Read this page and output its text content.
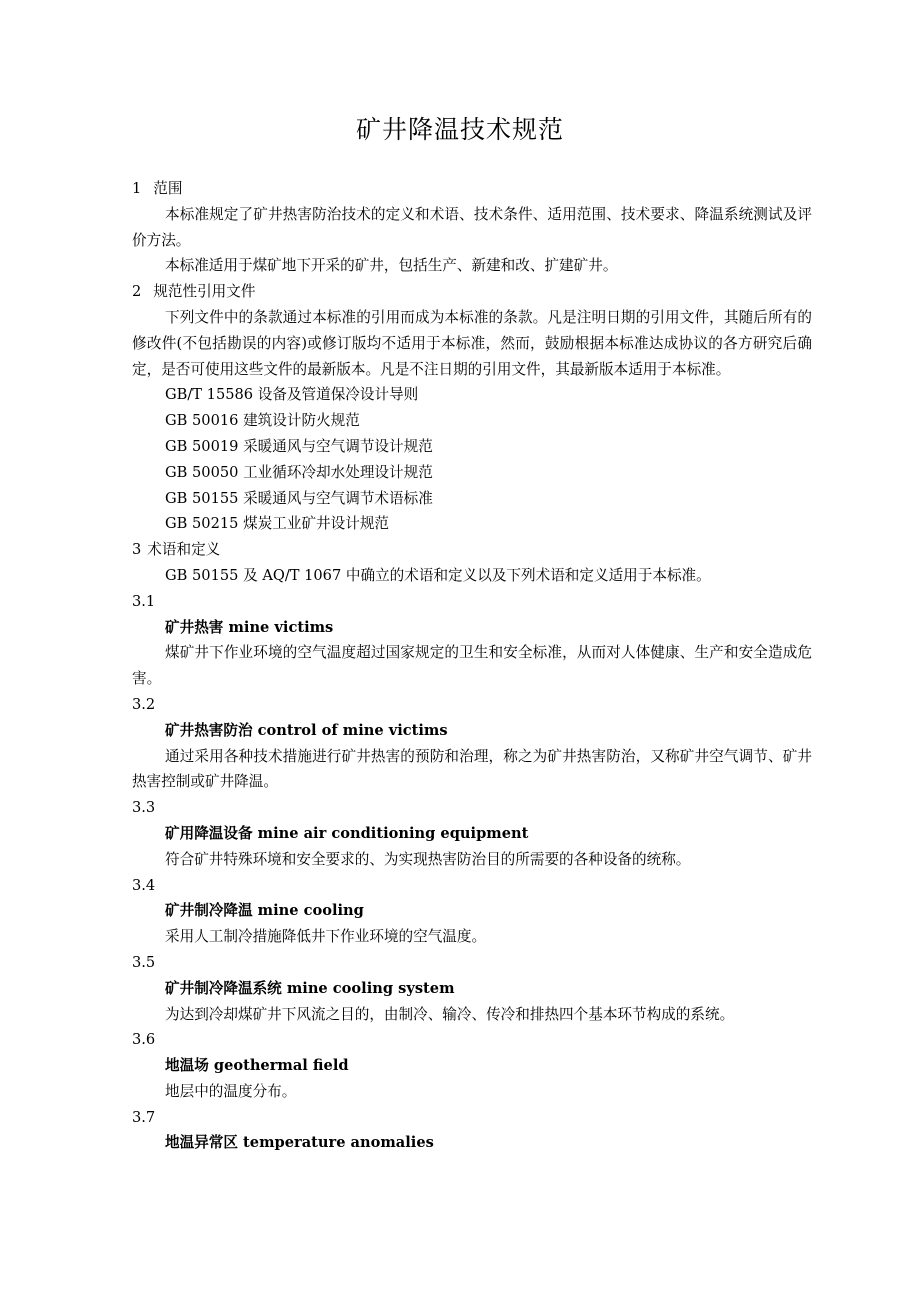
矿井降温技术规范
1 范围

本标准规定了矿井热害防治技术的定义和术语、技术条件、适用范围、技术要求、降温系统测试及评价方法。

本标准适用于煤矿地下开采的矿井，包括生产、新建和改、扩建矿井。

2 规范性引用文件

下列文件中的条款通过本标准的引用而成为本标准的条款。凡是注明日期的引用文件，其随后所有的修改件(不包括勘误的内容)或修订版均不适用于本标准，然而，鼓励根据本标准达成协议的各方研究后确定，是否可使用这些文件的最新版本。凡是不注日期的引用文件，其最新版本适用于本标准。

GB/T 15586 设备及管道保冷设计导则

GB 50016 建筑设计防火规范

GB 50019 采暖通风与空气调节设计规范

GB 50050 工业循环冷却水处理设计规范

GB 50155 采暖通风与空气调节术语标准

GB 50215 煤炭工业矿井设计规范

3 术语和定义

GB 50155 及 AQ/T 1067 中确立的术语和定义以及下列术语和定义适用于本标准。

3.1

矿井热害 mine victims

煤矿井下作业环境的空气温度超过国家规定的卫生和安全标准，从而对人体健康、生产和安全造成危害。

3.2

矿井热害防治 control of mine victims

通过采用各种技术措施进行矿井热害的预防和治理，称之为矿井热害防治，又称矿井空气调节、矿井热害控制或矿井降温。

3.3

矿用降温设备 mine air conditioning equipment

符合矿井特殊环境和安全要求的、为实现热害防治目的所需要的各种设备的统称。

3.4

矿井制冷降温 mine cooling

采用人工制冷措施降低井下作业环境的空气温度。

3.5

矿井制冷降温系统 mine cooling system

为达到冷却煤矿井下风流之目的，由制冷、输冷、传冷和排热四个基本环节构成的系统。

3.6

地温场 geothermal field

地层中的温度分布。

3.7

地温异常区 temperature anomalies
